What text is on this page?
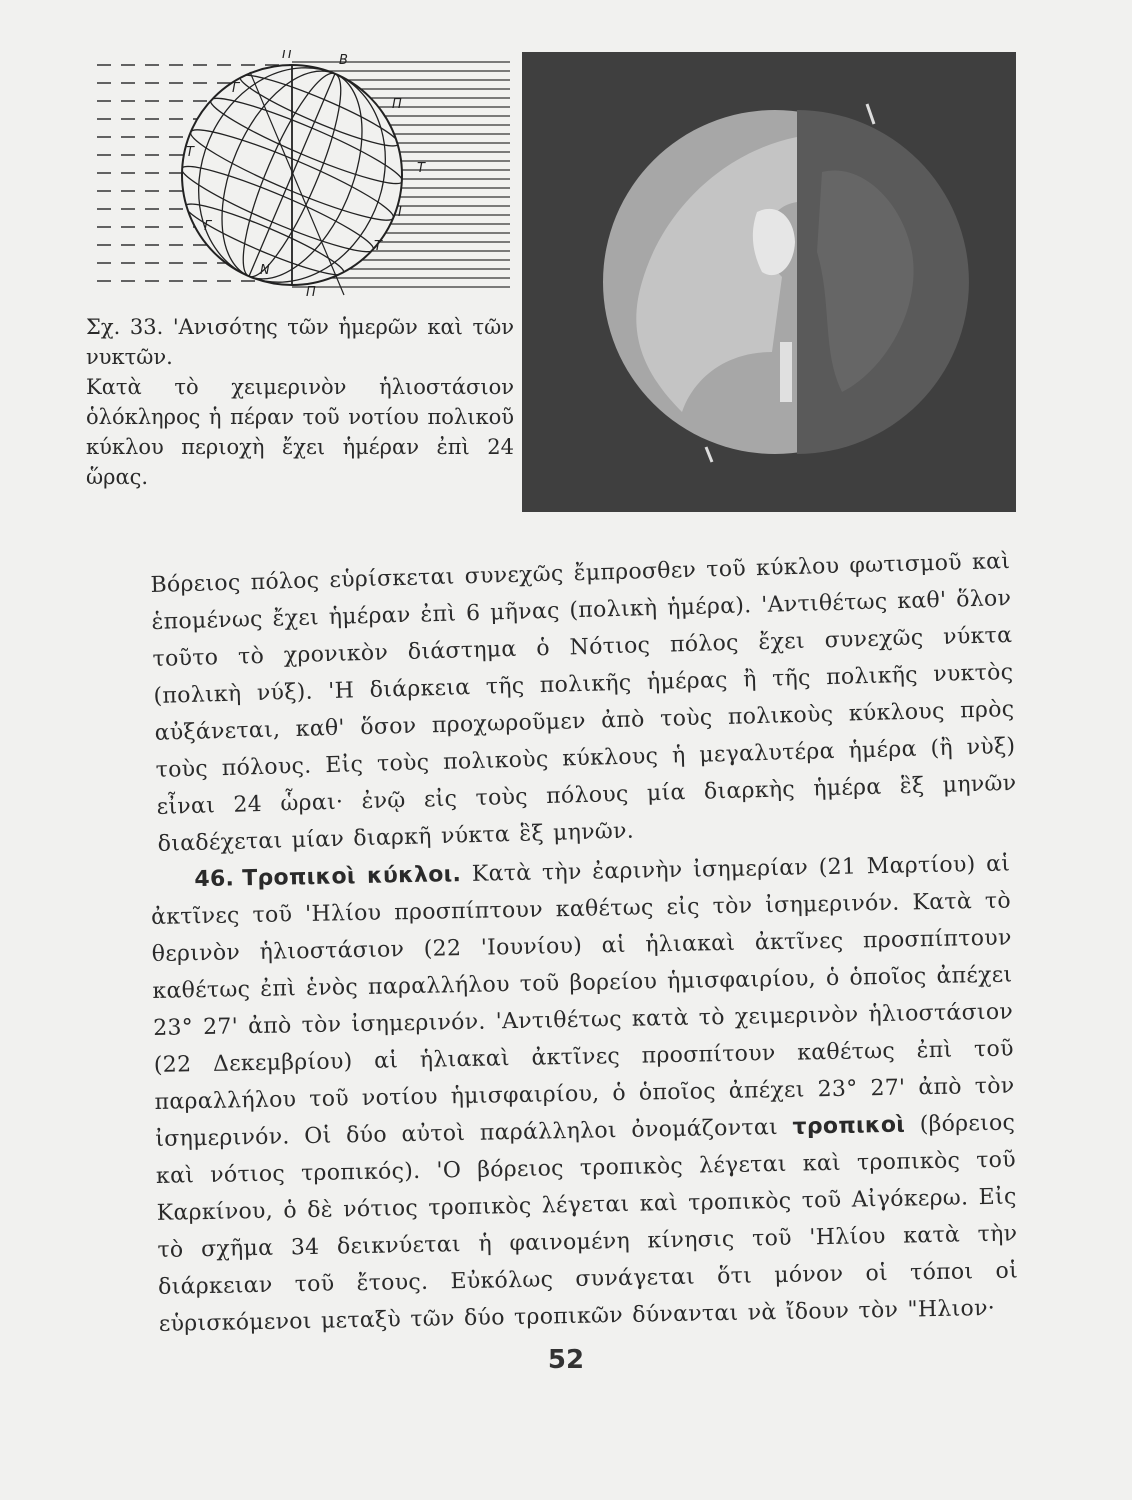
Π	B
Γ
Π
Τ
Τ
Ι
Τ
Γ
Ν
Π

Σχ. 33. 'Ανισότης τῶν ἡμερῶν καὶ τῶν νυκτῶν.

Κατὰ τὸ χειμερινὸν ἡλιοστάσιον ὁλόκληρος ἡ πέραν τοῦ νοτίου πολικοῦ κύκλου περιοχὴ ἔχει ἡμέραν ἐπὶ 24 ὥρας.

Βόρειος πόλος εὑρίσκεται συνεχῶς ἔμπροσθεν τοῦ κύκλου φωτισμοῦ καὶ ἑπομένως ἔχει ἡμέραν ἐπὶ 6 μῆνας (πολικὴ ἡμέρα). 'Αντιθέτως καθ' ὅλον τοῦτο τὸ χρονικὸν διάστημα ὁ Νότιος πόλος ἔχει συνεχῶς νύκτα (πολικὴ νύξ). 'Η διάρκεια τῆς πολικῆς ἡμέρας ἢ τῆς πολικῆς νυκτὸς αὐξάνεται, καθ' ὅσον προχωροῦμεν ἀπὸ τοὺς πολικοὺς κύκλους πρὸς τοὺς πόλους. Εἰς τοὺς πολικοὺς κύκλους ἡ μεγαλυτέρα ἡμέρα (ἢ νὺξ) εἶναι 24 ὧραι· ἐνῷ εἰς τοὺς πόλους μία διαρκὴς ἡμέρα ἓξ μηνῶν διαδέχεται μίαν διαρκῆ νύκτα ἓξ μηνῶν.

46. Τροπικοὶ κύκλοι. Κατὰ τὴν ἐαρινὴν ἰσημερίαν (21 Μαρτίου) αἱ ἀκτῖνες τοῦ 'Ηλίου προσπίπτουν καθέτως εἰς τὸν ἰσημερινόν. Κατὰ τὸ θερινὸν ἡλιοστάσιον (22 'Ιουνίου) αἱ ἡλιακαὶ ἀκτῖνες προσπίπτουν καθέτως ἐπὶ ἑνὸς παραλλήλου τοῦ βορείου ἡμισφαιρίου, ὁ ὁποῖος ἀπέχει 23° 27' ἀπὸ τὸν ἰσημερινόν. 'Αντιθέτως κατὰ τὸ χειμερινὸν ἡλιοστάσιον (22 Δεκεμβρίου) αἱ ἡλιακαὶ ἀκτῖνες προσπίτουν καθέτως ἐπὶ τοῦ παραλλήλου τοῦ νοτίου ἡμισφαιρίου, ὁ ὁποῖος ἀπέχει 23° 27' ἀπὸ τὸν ἰσημερινόν. Οἱ δύο αὐτοὶ παράλληλοι ὀνομάζονται τροπικοὶ (βόρειος καὶ νότιος τροπικός). 'Ο βόρειος τροπικὸς λέγεται καὶ τροπικὸς τοῦ Καρκίνου, ὁ δὲ νότιος τροπικὸς λέγεται καὶ τροπικὸς τοῦ Αἰγόκερω. Εἰς τὸ σχῆμα 34 δεικνύεται ἡ φαινομένη κίνησις τοῦ 'Ηλίου κατὰ τὴν διάρκειαν τοῦ ἔτους. Εὐκόλως συνάγεται ὅτι μόνον οἱ τόποι οἱ εὑρισκόμενοι μεταξὺ τῶν δύο τροπικῶν δύνανται νὰ ἴδουν τὸν "Ηλιον·

52
